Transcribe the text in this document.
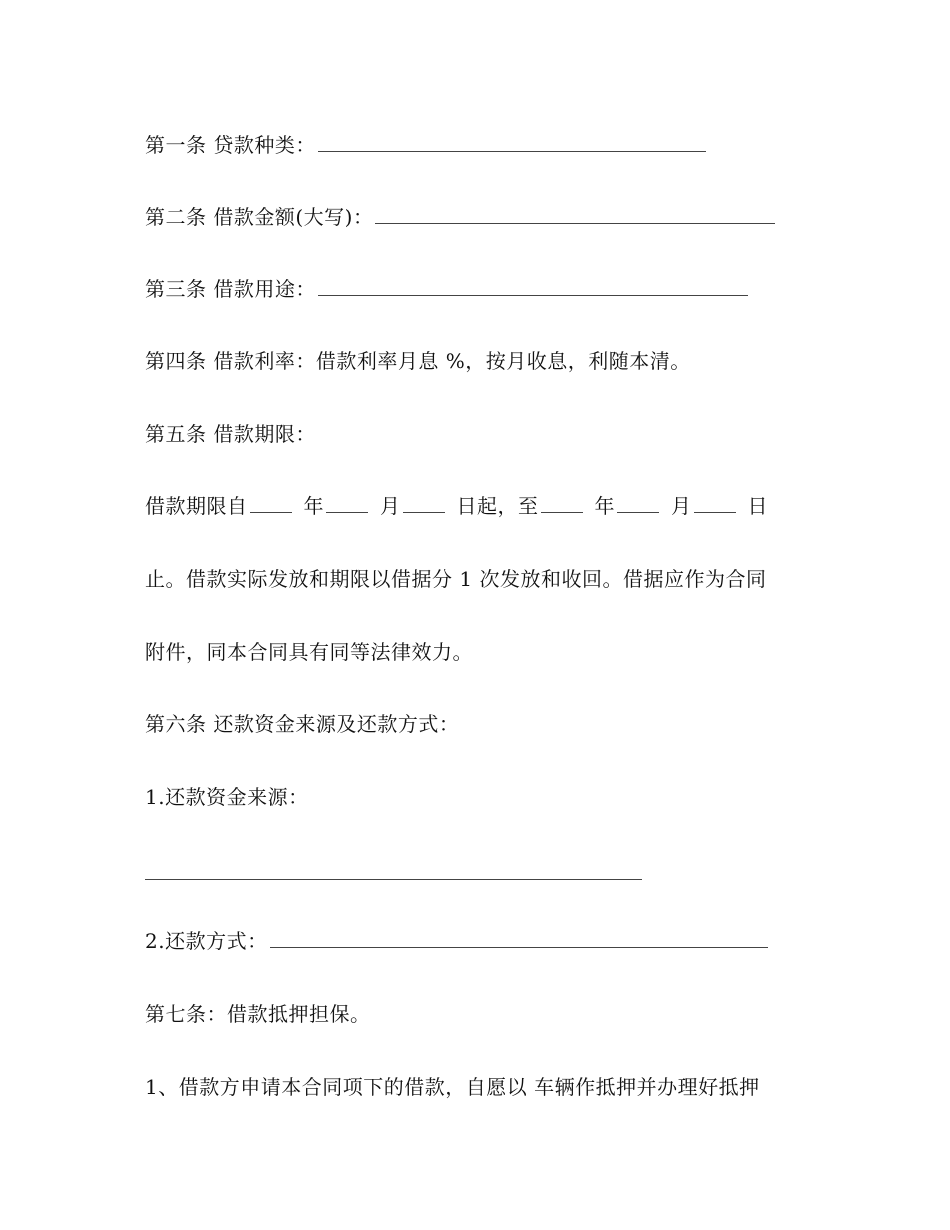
第一条 贷款种类：
第二条 借款金额(大写)：
第三条 借款用途：
第四条 借款利率：借款利率月息 %，按月收息，利随本清。
第五条 借款期限：
借款期限自	年	月	日起，至	年	月	日
止。借款实际发放和期限以借据分 1 次发放和收回。借据应作为合同
附件，同本合同具有同等法律效力。
第六条 还款资金来源及还款方式：
1.还款资金来源：
2.还款方式：
第七条：借款抵押担保。
1、借款方申请本合同项下的借款，自愿以 车辆作抵押并办理好抵押
